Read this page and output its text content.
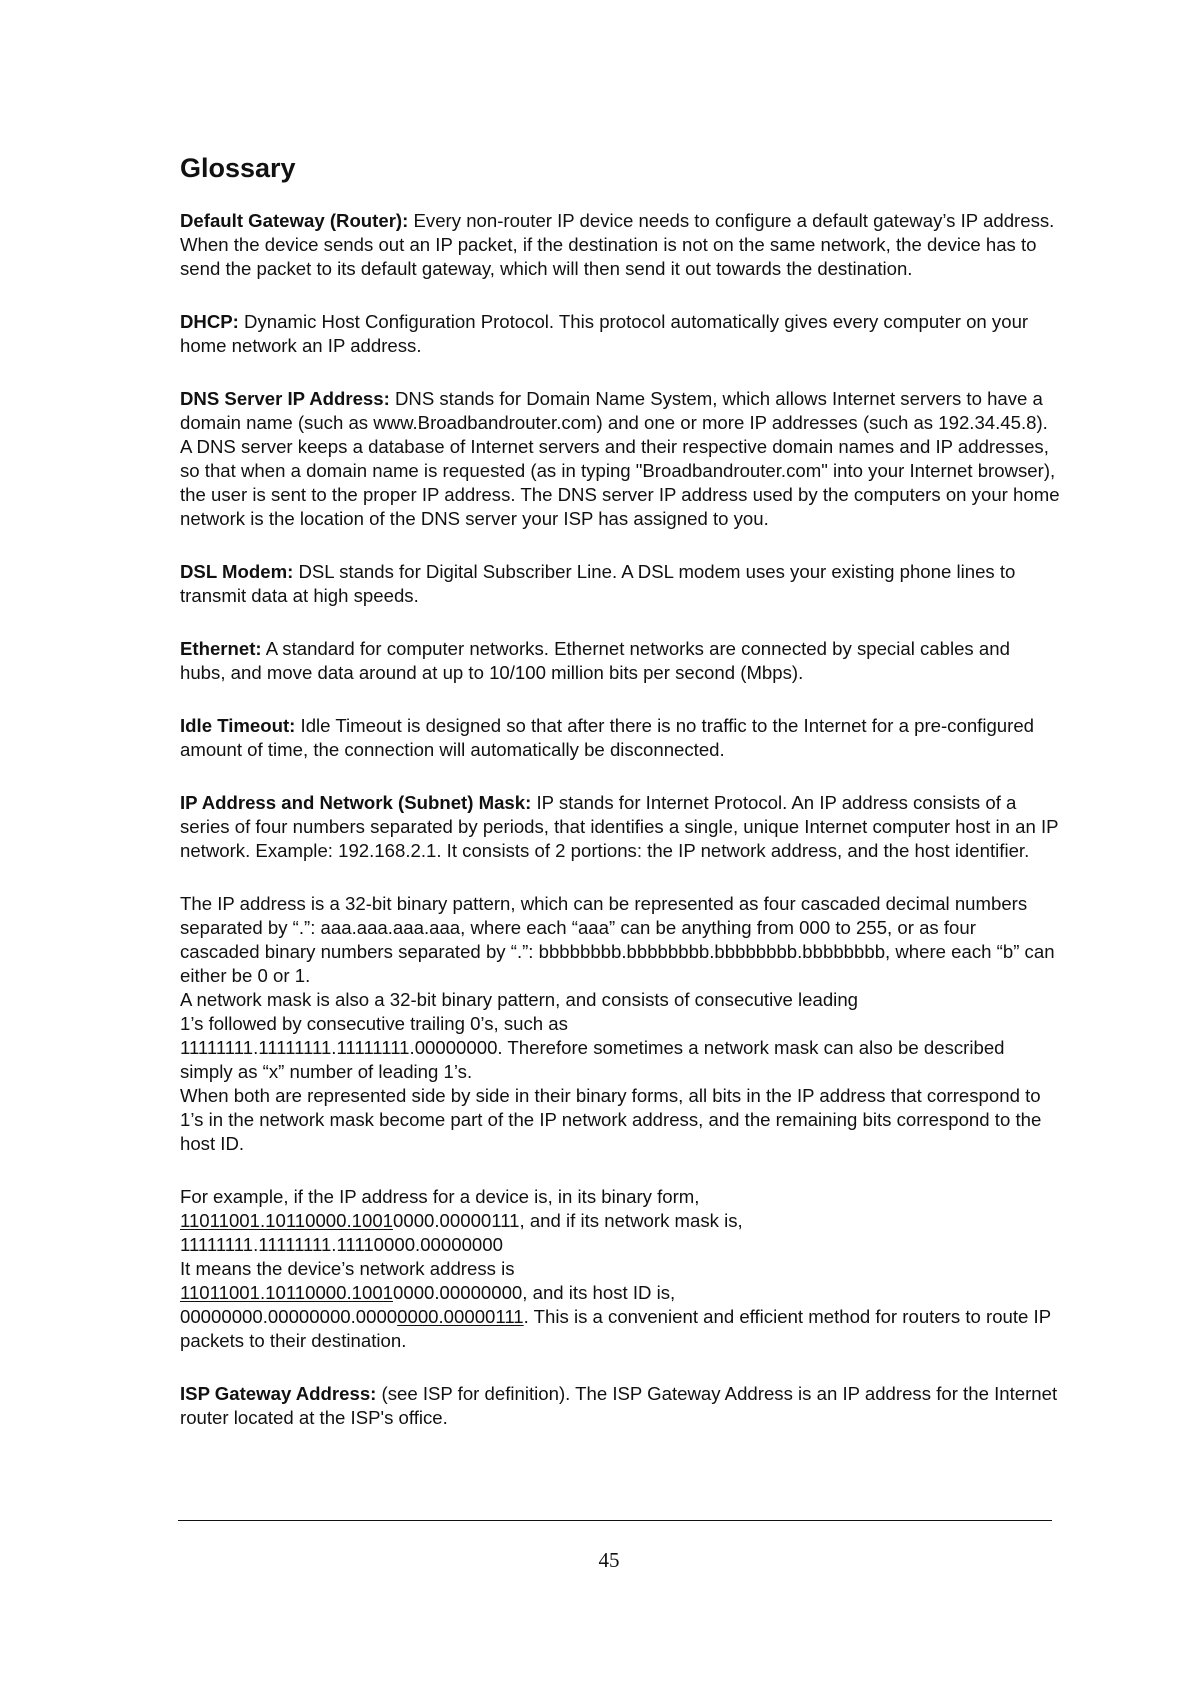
Glossary

Default Gateway (Router): Every non-router IP device needs to configure a default gateway’s IP address. When the device sends out an IP packet, if the destination is not on the same network, the device has to send the packet to its default gateway, which will then send it out towards the destination.

DHCP: Dynamic Host Configuration Protocol. This protocol automatically gives every computer on your home network an IP address.

DNS Server IP Address: DNS stands for Domain Name System, which allows Internet servers to have a domain name (such as www.Broadbandrouter.com) and one or more IP addresses (such as 192.34.45.8). A DNS server keeps a database of Internet servers and their respective domain names and IP addresses, so that when a domain name is requested (as in typing "Broadbandrouter.com" into your Internet browser), the user is sent to the proper IP address. The DNS server IP address used by the computers on your home network is the location of the DNS server your ISP has assigned to you.

DSL Modem: DSL stands for Digital Subscriber Line. A DSL modem uses your existing phone lines to transmit data at high speeds.

Ethernet: A standard for computer networks. Ethernet networks are connected by special cables and hubs, and move data around at up to 10/100 million bits per second (Mbps).

Idle Timeout: Idle Timeout is designed so that after there is no traffic to the Internet for a pre-configured amount of time, the connection will automatically be disconnected.

IP Address and Network (Subnet) Mask: IP stands for Internet Protocol. An IP address consists of a series of four numbers separated by periods, that identifies a single, unique Internet computer host in an IP network. Example: 192.168.2.1. It consists of 2 portions: the IP network address, and the host identifier.

The IP address is a 32-bit binary pattern, which can be represented as four cascaded decimal numbers separated by “.”: aaa.aaa.aaa.aaa, where each “aaa” can be anything from 000 to 255, or as four cascaded binary numbers separated by “.”: bbbbbbbb.bbbbbbbb.bbbbbbbb.bbbbbbbb, where each “b” can either be 0 or 1.
A network mask is also a 32-bit binary pattern, and consists of consecutive leading
1’s followed by consecutive trailing 0’s, such as
11111111.11111111.11111111.00000000. Therefore sometimes a network mask can also be described simply as “x” number of leading 1’s.
When both are represented side by side in their binary forms, all bits in the IP address that correspond to 1’s in the network mask become part of the IP network address, and the remaining bits correspond to the host ID.
For example, if the IP address for a device is, in its binary form,
11011001.10110000.10010000.00000111, and if its network mask is,
11111111.11111111.11110000.00000000
It means the device’s network address is
11011001.10110000.10010000.00000000, and its host ID is,
00000000.00000000.00000000.00000111. This is a convenient and efficient method for routers to route IP packets to their destination.

ISP Gateway Address: (see ISP for definition). The ISP Gateway Address is an IP address for the Internet router located at the ISP's office.

45
